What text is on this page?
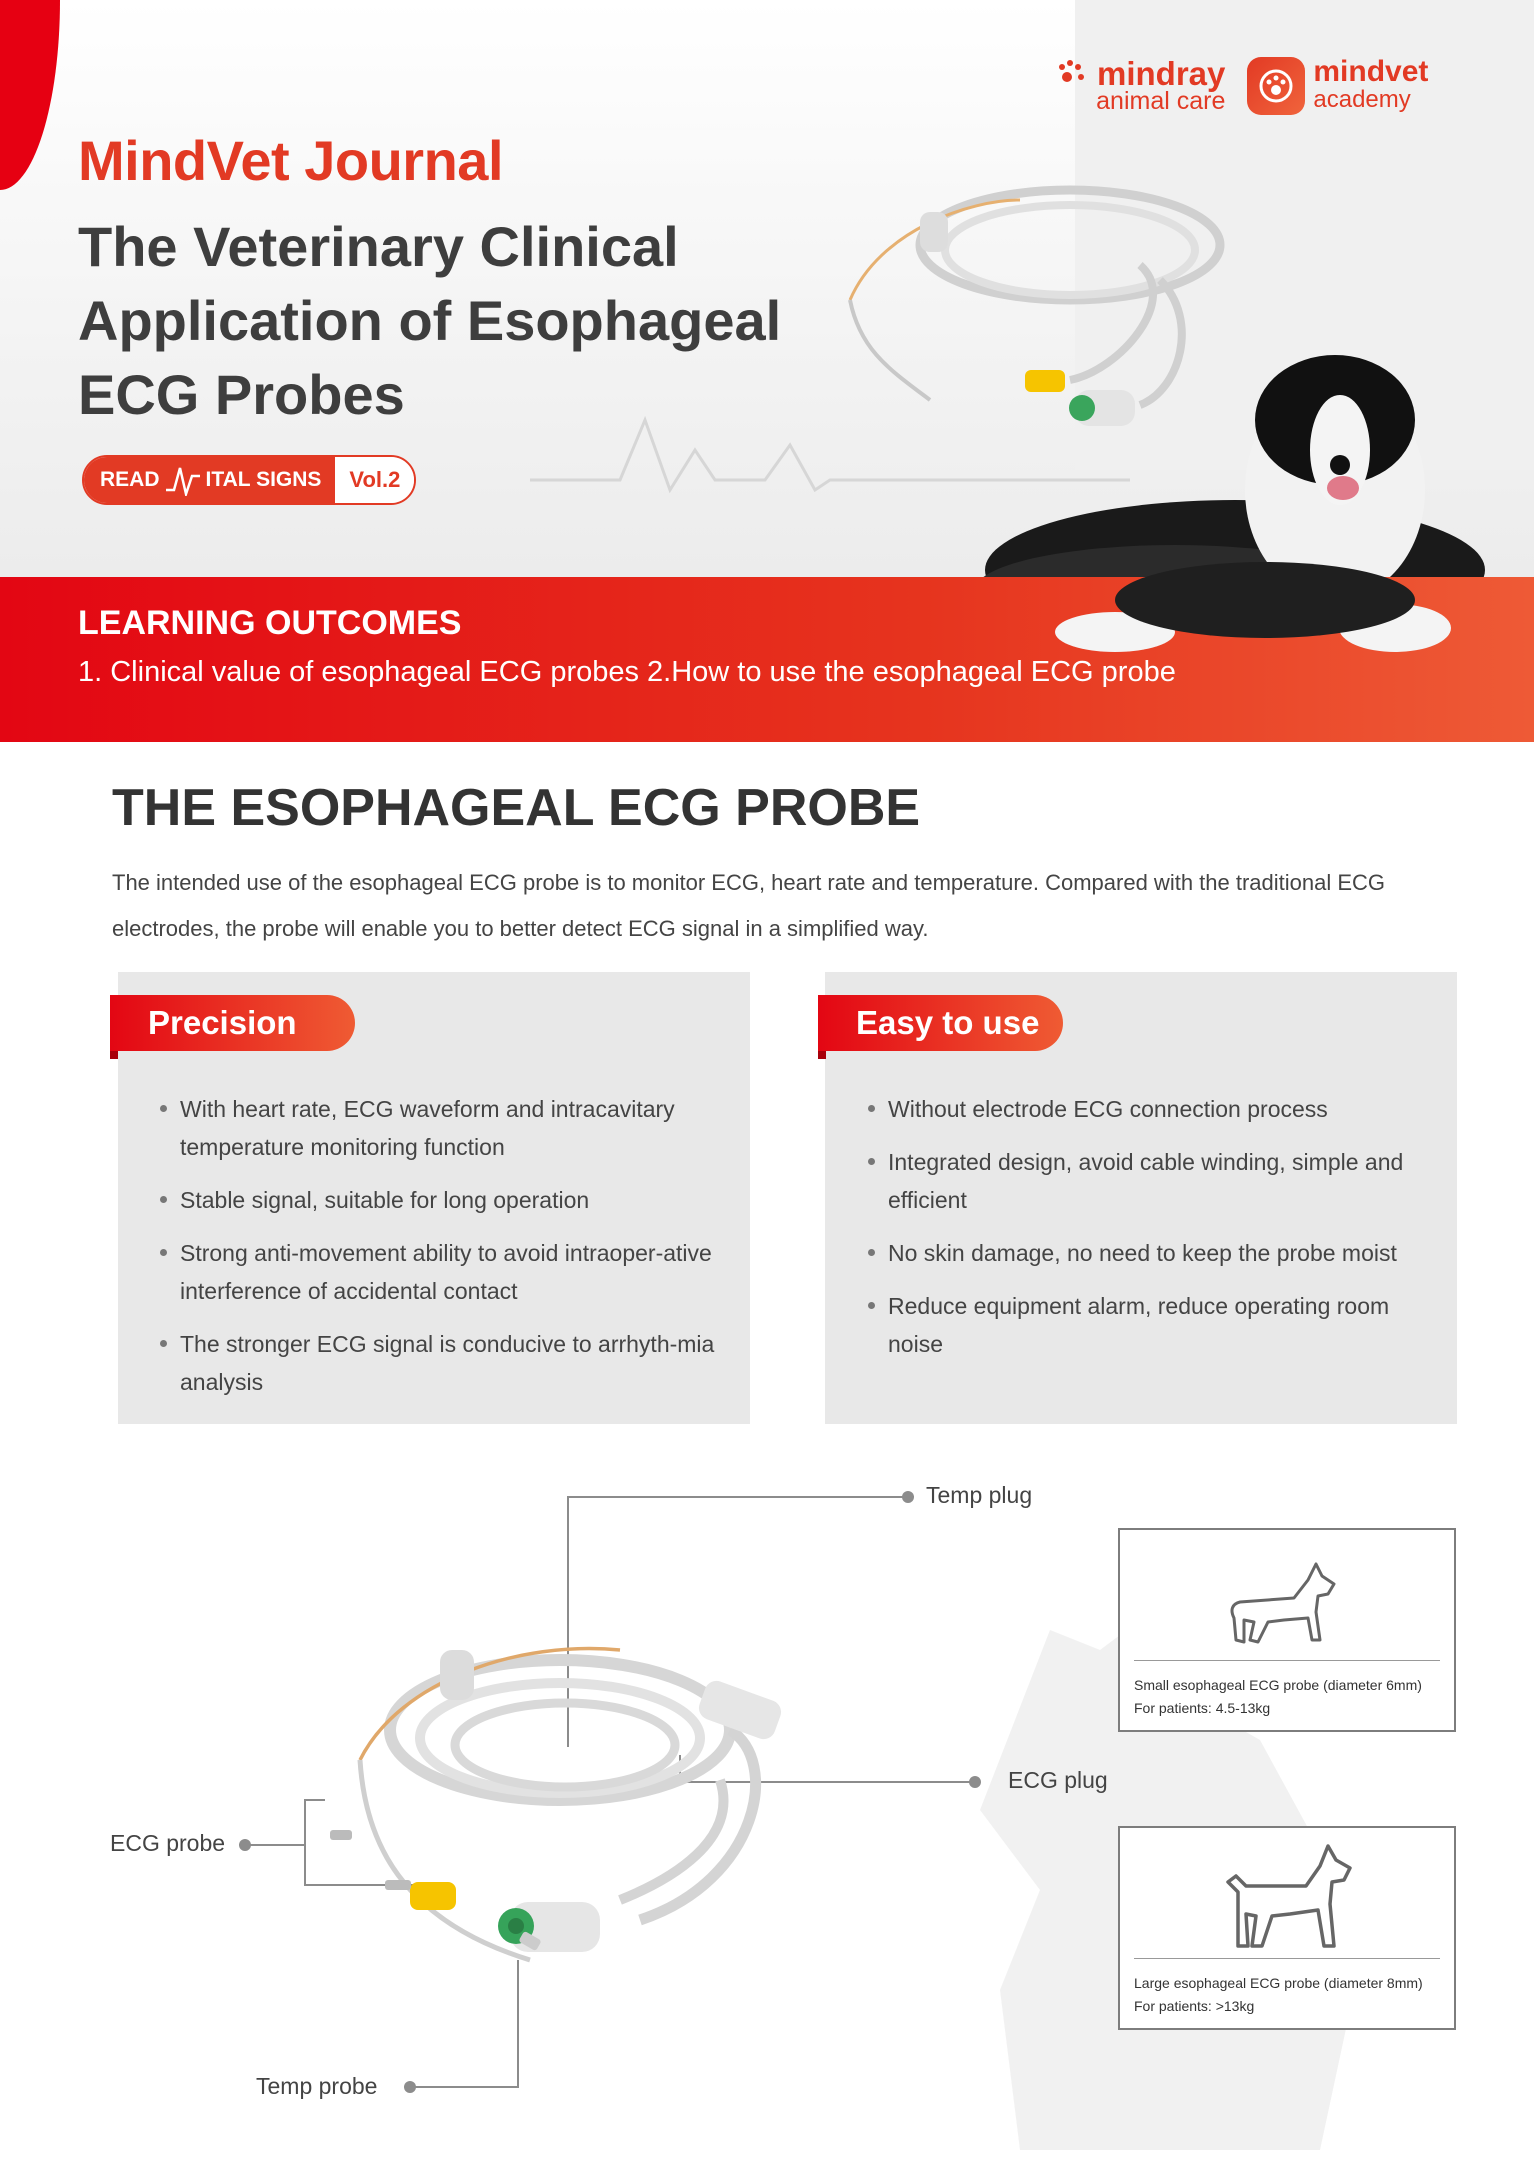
MindVet Journal
The Veterinary Clinical Application of Esophageal ECG Probes
READ ITAL SIGNS	Vol.2
mindray
animal care
mindvet
academy
LEARNING OUTCOMES
1. Clinical value of esophageal ECG probes 2.How to use the esophageal ECG probe
THE ESOPHAGEAL ECG PROBE
The intended use of the esophageal ECG probe is to monitor ECG, heart rate and temperature. Compared with the traditional ECG electrodes, the probe will enable you to better detect ECG signal in a simplified way.
Precision	Easy to use
With heart rate, ECG waveform and intracavitary temperature monitoring function
Stable signal, suitable for long operation
Strong anti-movement ability to avoid intraoper-ative interference of accidental contact
The stronger ECG signal is conducive to arrhyth-mia analysis
Without electrode ECG connection process
Integrated design, avoid cable winding, simple and efficient
No skin damage, no need to keep the probe moist
Reduce equipment alarm, reduce operating room noise
Temp plug
ECG plug
ECG probe
Temp probe
Small esophageal ECG probe (diameter 6mm)
For patients: 4.5-13kg
Large esophageal ECG probe (diameter 8mm)
For patients: >13kg
